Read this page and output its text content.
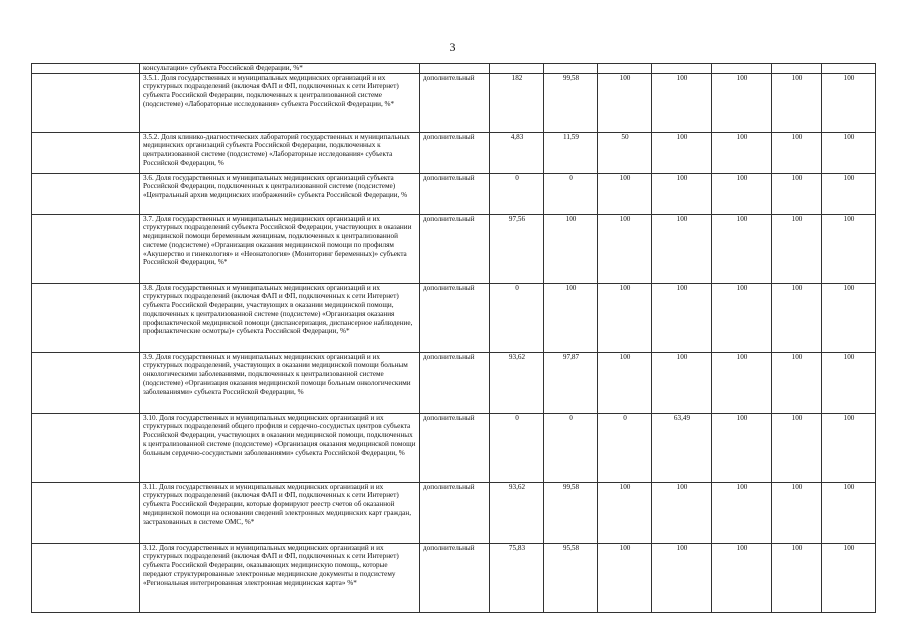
3
	консультации» субъекта Российской Федерации, %*								
	3.5.1. Доля государственных и муниципальных медицинских организаций и их структурных подразделений (включая ФАП и ФП, подключенных к сети Интернет) субъекта Российской Федерации, подключенных к централизованной системе (подсистеме) «Лабораторные исследования» субъекта Российской Федерации, %*	дополнительный	182	99,58	100	100	100	100	100
	3.5.2. Доля клинико-диагностических лабораторий государственных и муниципальных медицинских организаций субъекта Российской Федерации, подключенных к централизованной системе (подсистеме) «Лабораторные исследования» субъекта Российской Федерации, %	дополнительный	4,83	11,59	50	100	100	100	100
	3.6. Доля государственных и муниципальных медицинских организаций субъекта Российской Федерации, подключенных к централизованной системе (подсистеме) «Центральный архив медицинских изображений» субъекта Российской Федерации, %	дополнительный	0	0	100	100	100	100	100
	3.7. Доля государственных и муниципальных медицинских организаций и их структурных подразделений субъекта Российской Федерации, участвующих в оказании медицинской помощи беременным женщинам, подключенных к централизованной системе (подсистеме) «Организация оказания медицинской помощи по профилям «Акушерство и гинекология» и «Неонатология» (Мониторинг беременных)» субъекта Российской Федерации, %*	дополнительный	97,56	100	100	100	100	100	100
	3.8. Доля государственных и муниципальных медицинских организаций и их структурных подразделений (включая ФАП и ФП, подключенных к сети Интернет) субъекта Российской Федерации, участвующих в оказании медицинской помощи, подключенных к централизованной системе (подсистеме) «Организация оказания профилактической медицинской помощи (диспансеризация, диспансерное наблюдение, профилактические осмотры)» субъекта Российской Федерации, %*	дополнительный	0	100	100	100	100	100	100
	3.9. Доля государственных и муниципальных медицинских организаций и их структурных подразделений, участвующих в оказании медицинской помощи больным онкологическими заболеваниями, подключенных к централизованной системе (подсистеме) «Организация оказания медицинской помощи больным онкологическими заболеваниями» субъекта Российской Федерации, %	дополнительный	93,62	97,87	100	100	100	100	100
	3.10. Доля государственных и муниципальных медицинских организаций и их структурных подразделений общего профиля и сердечно-сосудистых центров субъекта Российской Федерации, участвующих в оказании медицинской помощи, подключенных к централизованной системе (подсистеме) «Организация оказания медицинской помощи больным сердечно-сосудистыми заболеваниями» субъекта Российской Федерации, %	дополнительный	0	0	0	63,49	100	100	100
	3.11. Доля государственных и муниципальных медицинских организаций и их структурных подразделений (включая ФАП и ФП, подключенных к сети Интернет) субъекта Российской Федерации, которые формируют реестр счетов об оказанной медицинской помощи на основании сведений электронных медицинских карт граждан, застрахованных в системе ОМС, %*	дополнительный	93,62	99,58	100	100	100	100	100
	3.12. Доля государственных и муниципальных медицинских организаций и их структурных подразделений (включая ФАП и ФП, подключенных к сети Интернет) субъекта Российской Федерации, оказывающих медицинскую помощь, которые передают структурированные электронные медицинские документы в подсистему «Региональная интегрированная электронная медицинская карта» %*	дополнительный	75,83	95,58	100	100	100	100	100
